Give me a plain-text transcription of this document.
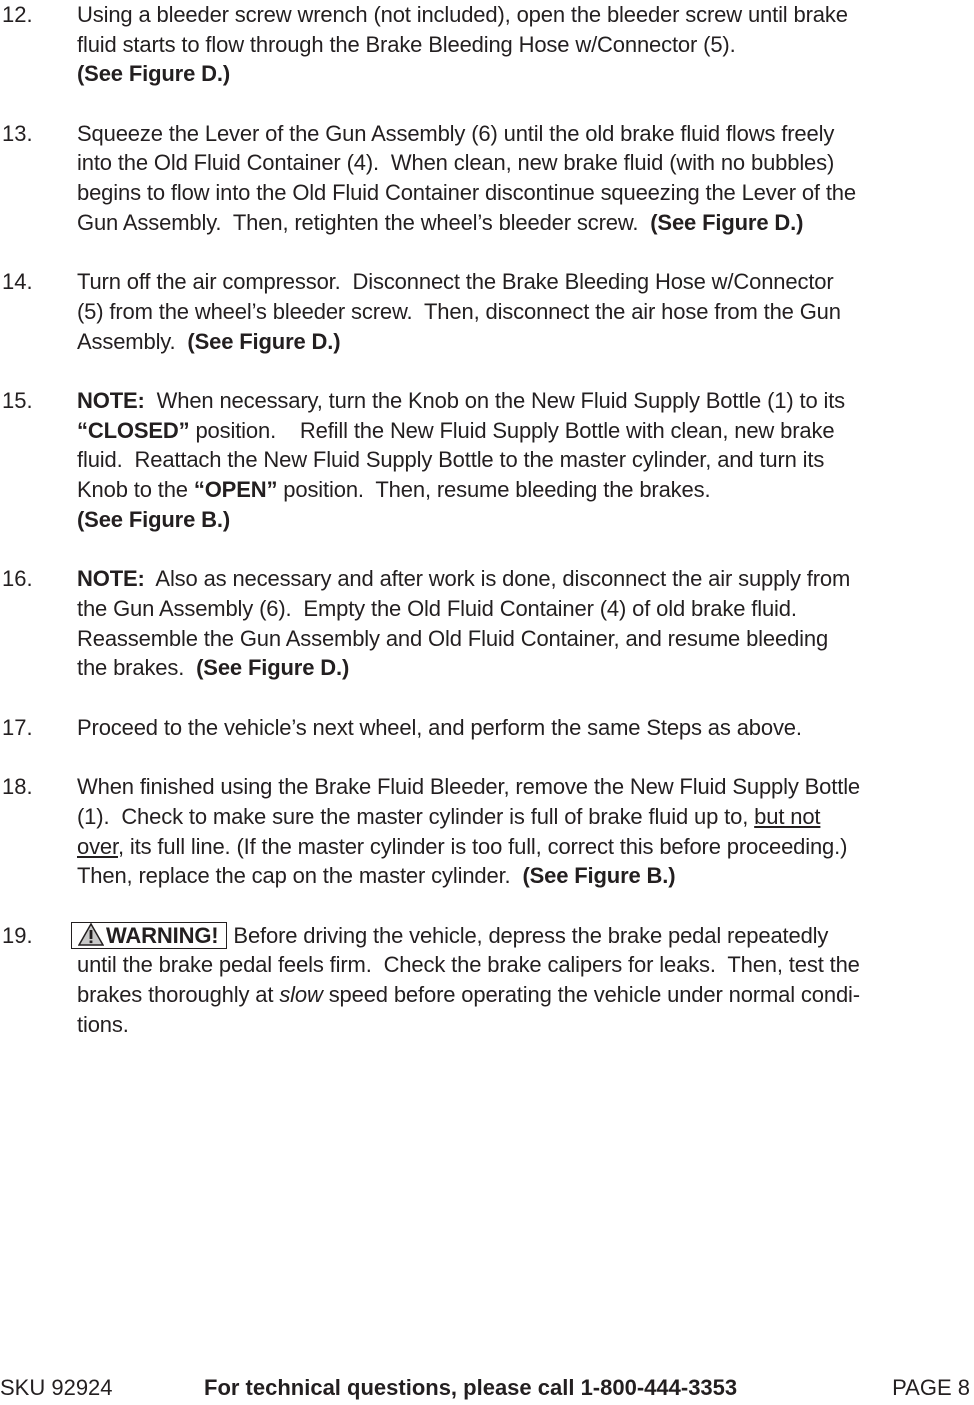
12. Using a bleeder screw wrench (not included), open the bleeder screw until brake
fluid starts to flow through the Brake Bleeding Hose w/Connector (5).
(See Figure D.)
13. Squeeze the Lever of the Gun Assembly (6) until the old brake fluid flows freely
into the Old Fluid Container (4).  When clean, new brake fluid (with no bubbles)
begins to flow into the Old Fluid Container discontinue squeezing the Lever of the
Gun Assembly.  Then, retighten the wheel’s bleeder screw.  (See Figure D.)
14. Turn off the air compressor.  Disconnect the Brake Bleeding Hose w/Connector
(5) from the wheel’s bleeder screw.  Then, disconnect the air hose from the Gun
Assembly.  (See Figure D.)
15. NOTE:  When necessary, turn the Knob on the New Fluid Supply Bottle (1) to its
“CLOSED” position.    Refill the New Fluid Supply Bottle with clean, new brake
fluid.  Reattach the New Fluid Supply Bottle to the master cylinder, and turn its
Knob to the “OPEN” position.  Then, resume bleeding the brakes.
(See Figure B.)
16. NOTE:  Also as necessary and after work is done, disconnect the air supply from
the Gun Assembly (6).  Empty the Old Fluid Container (4) of old brake fluid.
Reassemble the Gun Assembly and Old Fluid Container, and resume bleeding
the brakes.  (See Figure D.)
17. Proceed to the vehicle’s next wheel, and perform the same Steps as above.
18. When finished using the Brake Fluid Bleeder, remove the New Fluid Supply Bottle
(1).  Check to make sure the master cylinder is full of brake fluid up to, but not
over, its full line. (If the master cylinder is too full, correct this before proceeding.)
Then, replace the cap on the master cylinder.  (See Figure B.)
19.	WARNING! Before driving the vehicle, depress the brake pedal repeatedly
until the brake pedal feels firm.  Check the brake calipers for leaks.  Then, test the
brakes thoroughly at slow speed before operating the vehicle under normal condi-
tions.
SKU 92924	For technical questions, please call 1-800-444-3353	PAGE 8
